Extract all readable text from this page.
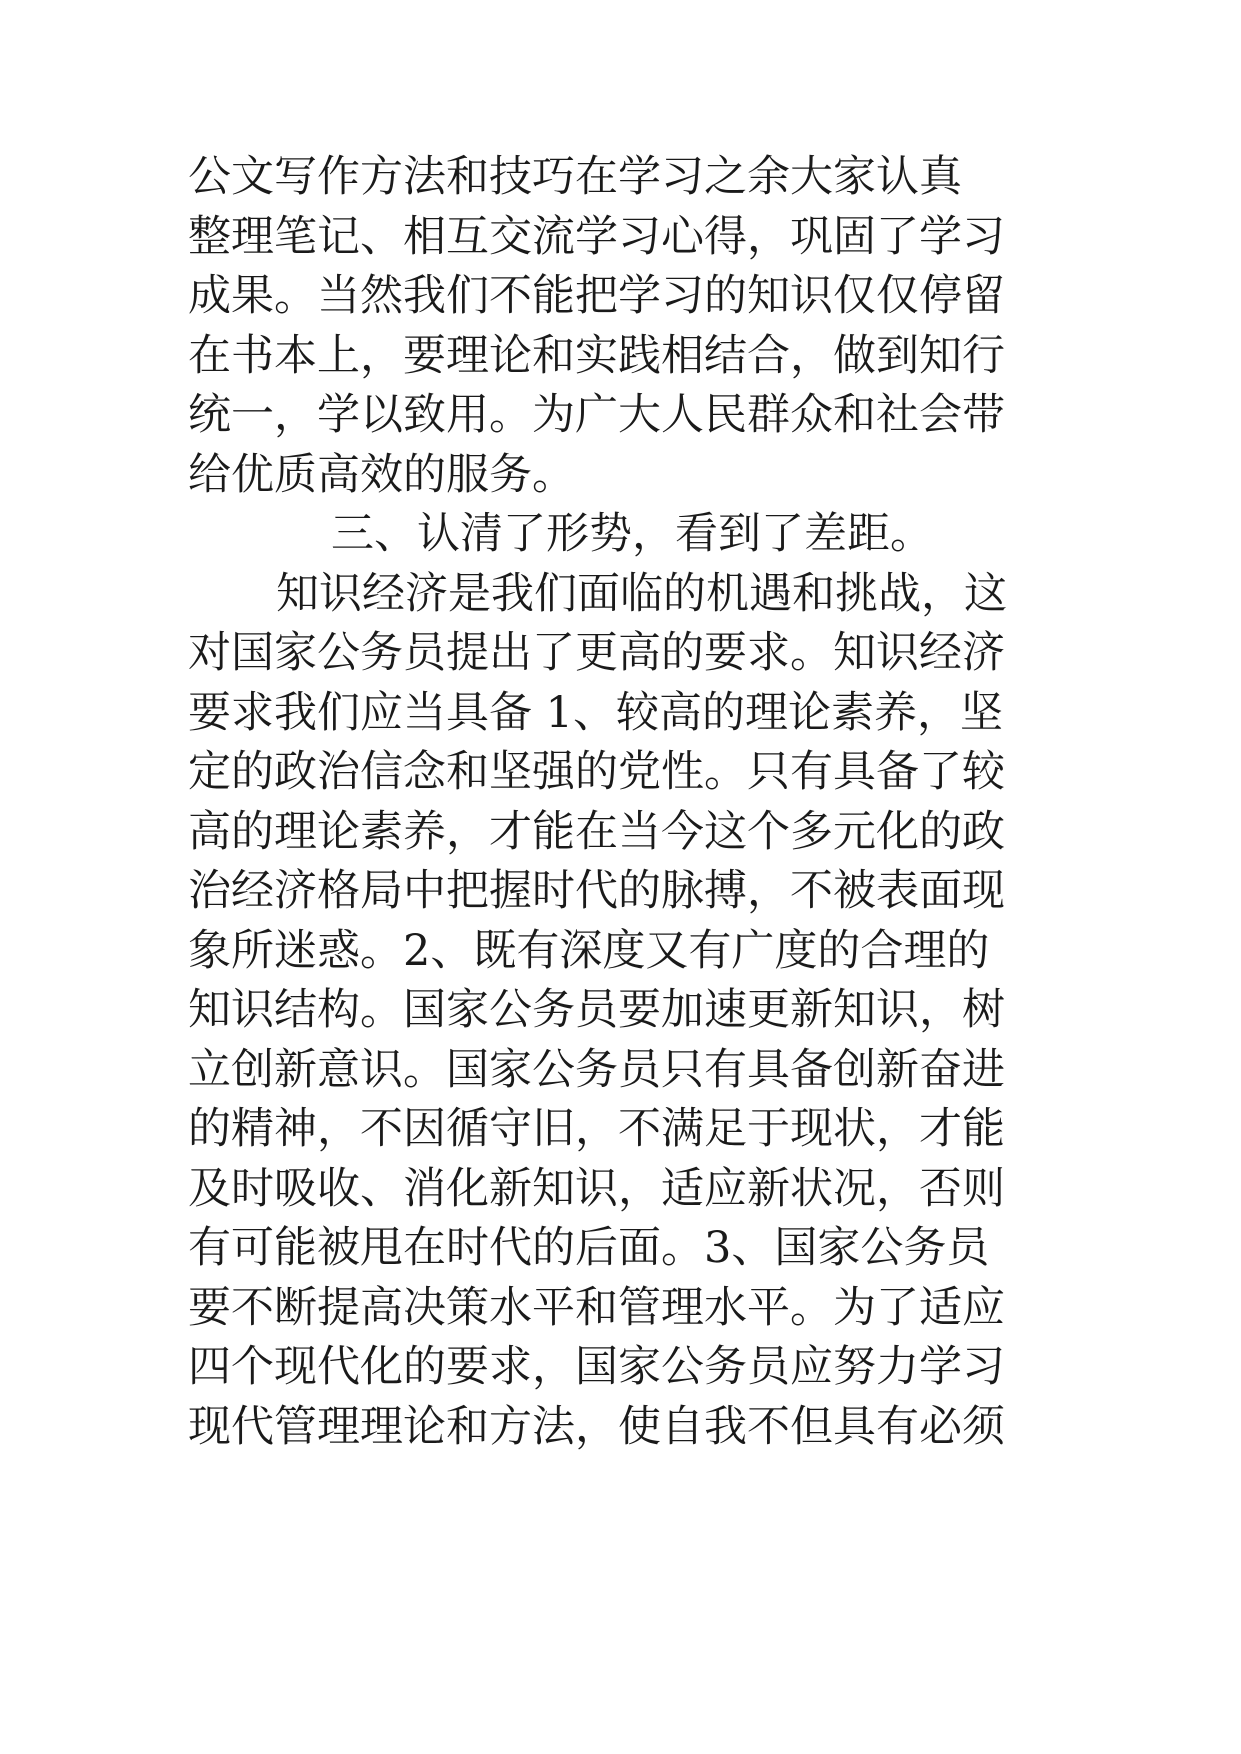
公文写作方法和技巧在学习之余大家认真
整理笔记、相互交流学习心得，巩固了学习
成果。当然我们不能把学习的知识仅仅停留
在书本上，要理论和实践相结合，做到知行
统一，学以致用。为广大人民群众和社会带
给优质高效的服务。
三、认清了形势，看到了差距。
知识经济是我们面临的机遇和挑战，这
对国家公务员提出了更高的要求。知识经济
要求我们应当具备 1、较高的理论素养，坚
定的政治信念和坚强的党性。只有具备了较
高的理论素养，才能在当今这个多元化的政
治经济格局中把握时代的脉搏，不被表面现
象所迷惑。2、既有深度又有广度的合理的
知识结构。国家公务员要加速更新知识，树
立创新意识。国家公务员只有具备创新奋进
的精神，不因循守旧，不满足于现状，才能
及时吸收、消化新知识，适应新状况，否则
有可能被甩在时代的后面。3、国家公务员
要不断提高决策水平和管理水平。为了适应
四个现代化的要求，国家公务员应努力学习
现代管理理论和方法，使自我不但具有必须
